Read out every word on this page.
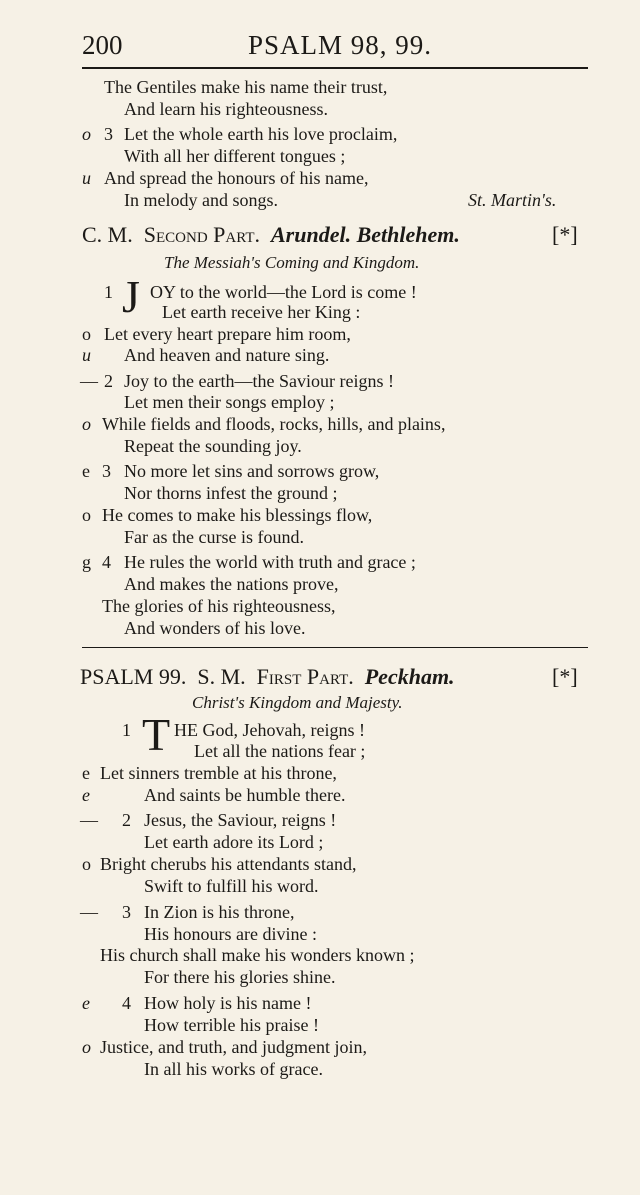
200	PSALM 98, 99.
The Gentiles make his name their trust,
And learn his righteousness.
o 3 Let the whole earth his love proclaim,
With all her different tongues ;
u And spread the honours of his name,
In melody and songs.	St. Martin's.
C. M. Second Part. Arundel. Bethlehem.	[*]
The Messiah's Coming and Kingdom.
1 J OY to the world—the Lord is come !
Let earth receive her King :
o Let every heart prepare him room,
u And heaven and nature sing.
— 2 Joy to the earth—the Saviour reigns !
Let men their songs employ ;
o While fields and floods, rocks, hills, and plains,
Repeat the sounding joy.
e 3 No more let sins and sorrows grow,
Nor thorns infest the ground ;
o He comes to make his blessings flow,
Far as the curse is found.
g 4 He rules the world with truth and grace ;
And makes the nations prove,
The glories of his righteousness,
And wonders of his love.
PSALM 99. S. M. First Part. Peckham.	[*]
Christ's Kingdom and Majesty.
1 T HE God, Jehovah, reigns !
Let all the nations fear ;
e Let sinners tremble at his throne,
e	And saints be humble there.
— 2 Jesus, the Saviour, reigns !
Let earth adore its Lord ;
o Bright cherubs his attendants stand,
Swift to fulfill his word.
— 3 In Zion is his throne,
His honours are divine :
His church shall make his wonders known ;
For there his glories shine.
e 4 How holy is his name !
How terrible his praise !
o Justice, and truth, and judgment join,
In all his works of grace.
